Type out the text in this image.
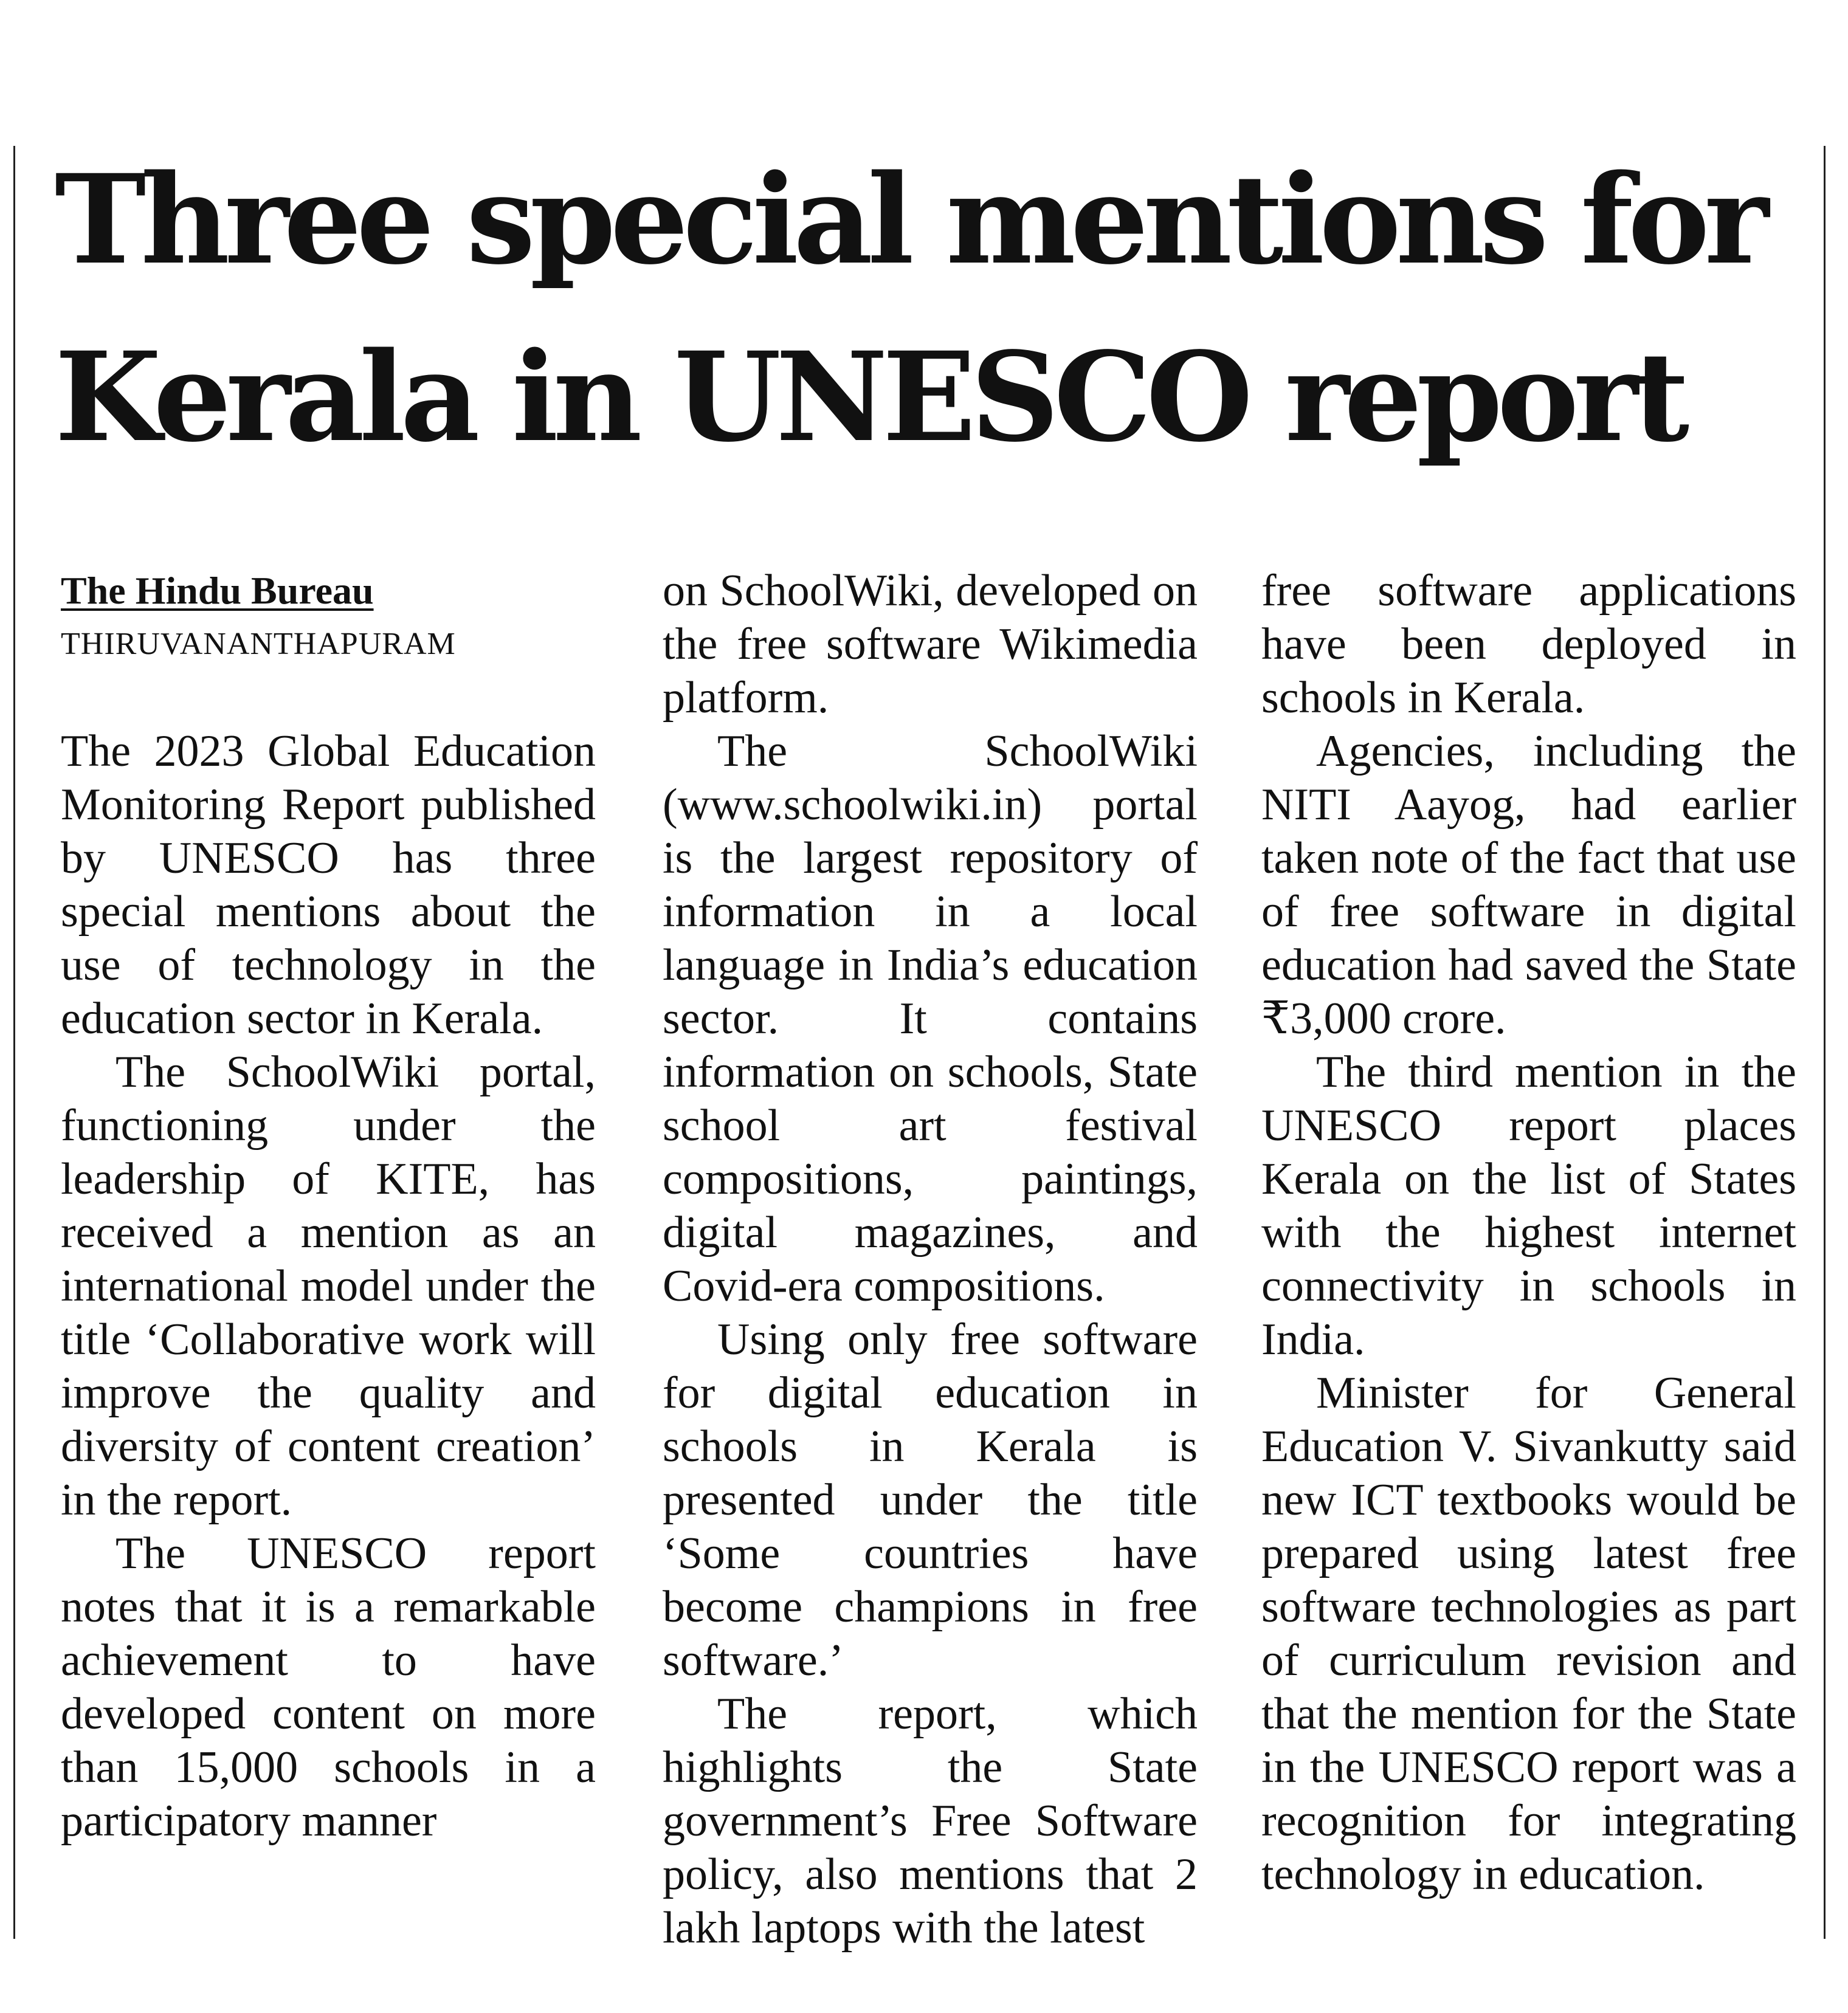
Three special mentions for
Kerala in UNESCO report
The Hindu Bureau
THIRUVANANTHAPURAM

The 2023 Global Education Monitoring Report published by UNESCO has three special mentions about the use of technology in the education sector in Kerala.

The SchoolWiki portal, functioning under the leadership of KITE, has received a mention as an international model under the title ‘Collaborative work will improve the quality and diversity of content creation’ in the report.

The UNESCO report notes that it is a remarkable achievement to have developed content on more than 15,000 schools in a participatory manner

on SchoolWiki, developed on the free software Wikimedia platform.

The SchoolWiki (www.schoolwiki.in) portal is the largest repository of information in a local language in India’s education sector. It contains information on schools, State school art festival compositions, paintings, digital magazines, and Covid-era compositions.

Using only free software for digital education in schools in Kerala is presented under the title ‘Some countries have become champions in free software.’

The report, which highlights the State government’s Free Software policy, also mentions that 2 lakh laptops with the latest

free software applications have been deployed in schools in Kerala.

Agencies, including the NITI Aayog, had earlier taken note of the fact that use of free software in digital education had saved the State ₹3,000 crore.

The third mention in the UNESCO report places Kerala on the list of States with the highest internet connectivity in schools in India.

Minister for General Education V. Sivankutty said new ICT textbooks would be prepared using latest free software technologies as part of curriculum revision and that the mention for the State in the UNESCO report was a recognition for integrating technology in education.
